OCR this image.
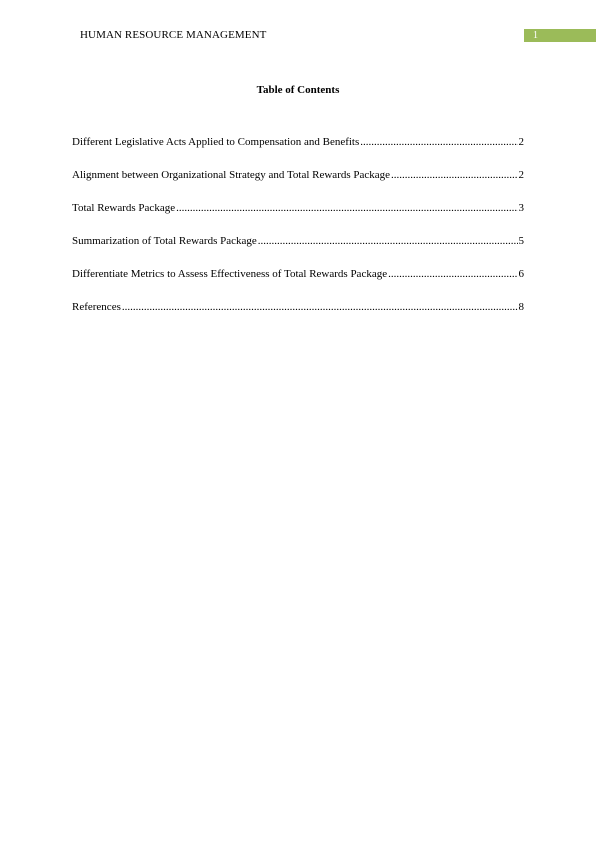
HUMAN RESOURCE MANAGEMENT	1
Table of Contents
Different Legislative Acts Applied to Compensation and Benefits .....	2
Alignment between Organizational Strategy and Total Rewards Package .....	2
Total Rewards Package .....	3
Summarization of Total Rewards Package .....	5
Differentiate Metrics to Assess Effectiveness of Total Rewards Package .....	6
References .....	8
